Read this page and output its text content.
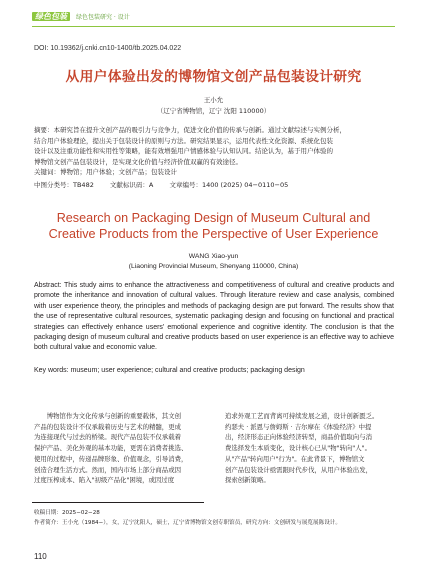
绿色包装	绿色包装研究 · 设计
DOI: 10.19362/j.cnki.cn10-1400/tb.2025.04.022
从用户体验出发的博物馆文创产品包装设计研究
王小允
（辽宁省博物馆，辽宁 沈阳 110000）
摘要：本研究旨在提升文创产品的吸引力与竞争力，促进文化价值的传承与创新。通过文献综述与实例分析，
结合用户体验理论，提出关于包装设计的原则与方法。研究结果显示，运用代表性文化资源、系统化包装
设计以及注重功能性和实用性等策略，能有效增强用户情感体验与认知认同。结论认为，基于用户体验的
博物馆文创产品包装设计，是实现文化价值与经济价值双赢的有效途径。
关键词：博物馆；用户体验；文创产品；包装设计
中图分类号：TB482 文献标识码：A 文章编号：1400 (2025) 04−0110−05
Research on Packaging Design of Museum Cultural and
Creative Products from the Perspective of User Experience
WANG Xiao-yun
(Liaoning Provincial Museum, Shenyang 110000, China)
Abstract: This study aims to enhance the attractiveness and competitiveness of cultural and creative products and promote the inheritance and innovation of cultural values. Through literature review and case analysis, combined with user experience theory, the principles and methods of packaging design are put forward. The results show that the use of representative cultural resources, systematic packaging design and focusing on functional and practical strategies can effectively enhance users' emotional experience and cognitive identity. The conclusion is that the packaging design of museum cultural and creative products based on user experience is an effective way to achieve both cultural value and economic value.
Key words: museum; user experience; cultural and creative products; packaging design
　　博物馆作为文化传承与创新的重要载体，其文创
产品的包装设计不仅承载着历史与艺术的精髓，更成
为连接现代与过去的桥梁。现代产品包装不仅承载着
保护产品、美化外观的基本功能，更需在消费者挑选、
使用的过程中，传递品牌形象、价值观念，引导消费，
创造合理生活方式。然而，国内市场上部分商品或因
过度压榨成本、陷入"初级产品化"困境，或因过度
追求外观工艺而背离可持续发展之道，设计创新匮乏。
约瑟夫 · 派恩与詹姆斯 · 吉尔摩在《体验经济》中提
出，经济形态正向体验经济转型，商品价值取向与消
费选择发生本质变化，设计核心已从"物"转向"人"。
从"产品"转向用户"行为"。在此背景下，博物馆文
创产品包装设计亟需跟时代步伐，从用户体验出发，
探索创新策略。
收稿日期：2025−02−28
作者简介：王小允（1984−），女，辽宁沈阳人，硕士，辽宁省博物馆文创专职馆员，研究方向：文创研发与展览展陈设计。
110
